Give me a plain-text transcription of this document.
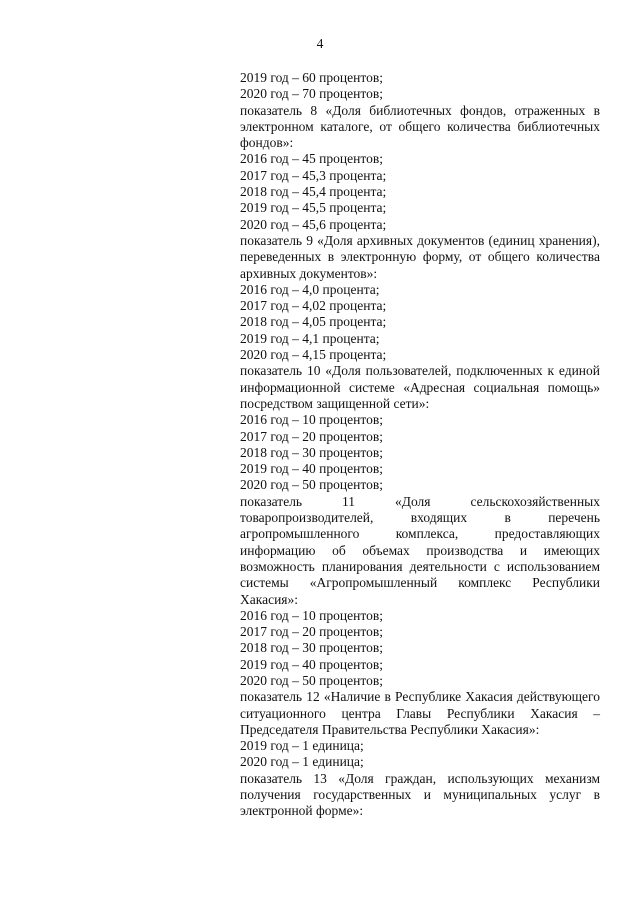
4
2019 год – 60 процентов;
2020 год – 70 процентов;
показатель 8 «Доля библиотечных фондов, отраженных в электронном каталоге, от общего количества библиотечных фондов»:
2016 год – 45 процентов;
2017 год – 45,3 процента;
2018 год – 45,4 процента;
2019 год – 45,5 процента;
2020 год – 45,6 процента;
показатель 9 «Доля архивных документов (единиц хранения), переведенных в электронную форму, от общего количества архивных документов»:
2016 год – 4,0 процента;
2017 год – 4,02 процента;
2018 год – 4,05 процента;
2019 год – 4,1 процента;
2020 год – 4,15 процента;
показатель 10 «Доля пользователей, подключенных к единой информационной системе «Адресная социальная помощь» посредством защищенной сети»:
2016 год – 10 процентов;
2017 год – 20 процентов;
2018 год – 30 процентов;
2019 год – 40 процентов;
2020 год – 50 процентов;
показатель 11 «Доля сельскохозяйственных товаропроизводителей, входящих в перечень агропромышленного комплекса, предоставляющих информацию об объемах производства и имеющих возможность планирования деятельности с использованием системы «Агропромышленный комплекс Республики Хакасия»:
2016 год – 10 процентов;
2017 год – 20 процентов;
2018 год – 30 процентов;
2019 год – 40 процентов;
2020 год – 50 процентов;
показатель 12 «Наличие в Республике Хакасия действующего ситуационного центра Главы Республики Хакасия – Председателя Правительства Республики Хакасия»:
2019 год – 1 единица;
2020 год – 1 единица;
показатель 13 «Доля граждан, использующих механизм получения государственных и муниципальных услуг в электронной форме»:
